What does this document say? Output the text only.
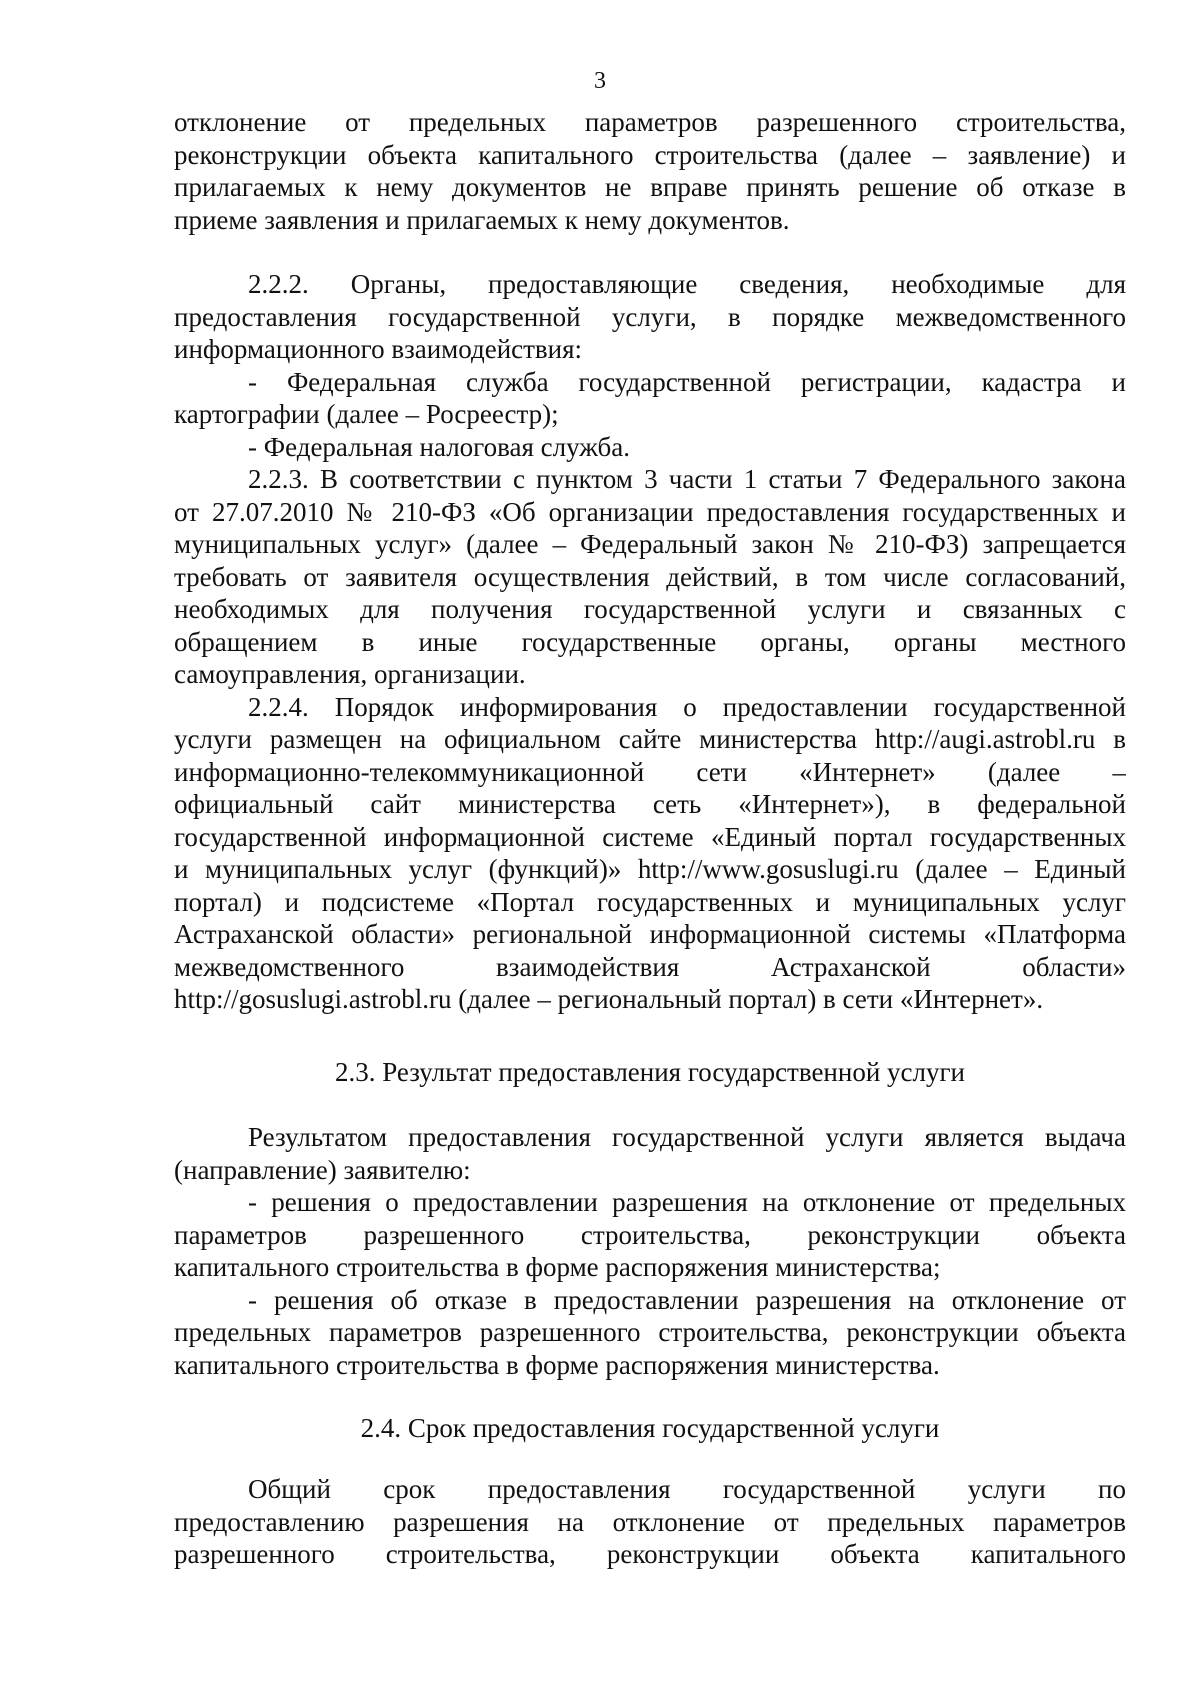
3
отклонение от предельных параметров разрешенного строительства,
реконструкции объекта капитального строительства (далее – заявление) и
прилагаемых к нему документов не вправе принять решение об отказе в
приеме заявления и прилагаемых к нему документов.
2.2.2. Органы, предоставляющие сведения, необходимые для
предоставления государственной услуги, в порядке межведомственного
информационного взаимодействия:
- Федеральная служба государственной регистрации, кадастра и
картографии (далее – Росреестр);
- Федеральная налоговая служба.
2.2.3. В соответствии с пунктом 3 части 1 статьи 7 Федерального закона
от 27.07.2010 № 210-ФЗ «Об организации предоставления государственных и
муниципальных услуг» (далее – Федеральный закон № 210-ФЗ) запрещается
требовать от заявителя осуществления действий, в том числе согласований,
необходимых для получения государственной услуги и связанных с
обращением в иные государственные органы, органы местного
самоуправления, организации.
2.2.4. Порядок информирования о предоставлении государственной
услуги размещен на официальном сайте министерства http://augi.astrobl.ru в
информационно-телекоммуникационной сети «Интернет» (далее –
официальный сайт министерства сеть «Интернет»), в федеральной
государственной информационной системе «Единый портал государственных
и муниципальных услуг (функций)» http://www.gosuslugi.ru (далее – Единый
портал) и подсистеме «Портал государственных и муниципальных услуг
Астраханской области» региональной информационной системы «Платформа
межведомственного взаимодействия Астраханской области»
http://gosuslugi.astrobl.ru (далее – региональный портал) в сети «Интернет».
2.3. Результат предоставления государственной услуги
Результатом предоставления государственной услуги является выдача
(направление) заявителю:
- решения о предоставлении разрешения на отклонение от предельных
параметров разрешенного строительства, реконструкции объекта
капитального строительства в форме распоряжения министерства;
- решения об отказе в предоставлении разрешения на отклонение от
предельных параметров разрешенного строительства, реконструкции объекта
капитального строительства в форме распоряжения министерства.
2.4. Срок предоставления государственной услуги
Общий срок предоставления государственной услуги по
предоставлению разрешения на отклонение от предельных параметров
разрешенного строительства, реконструкции объекта капитального
